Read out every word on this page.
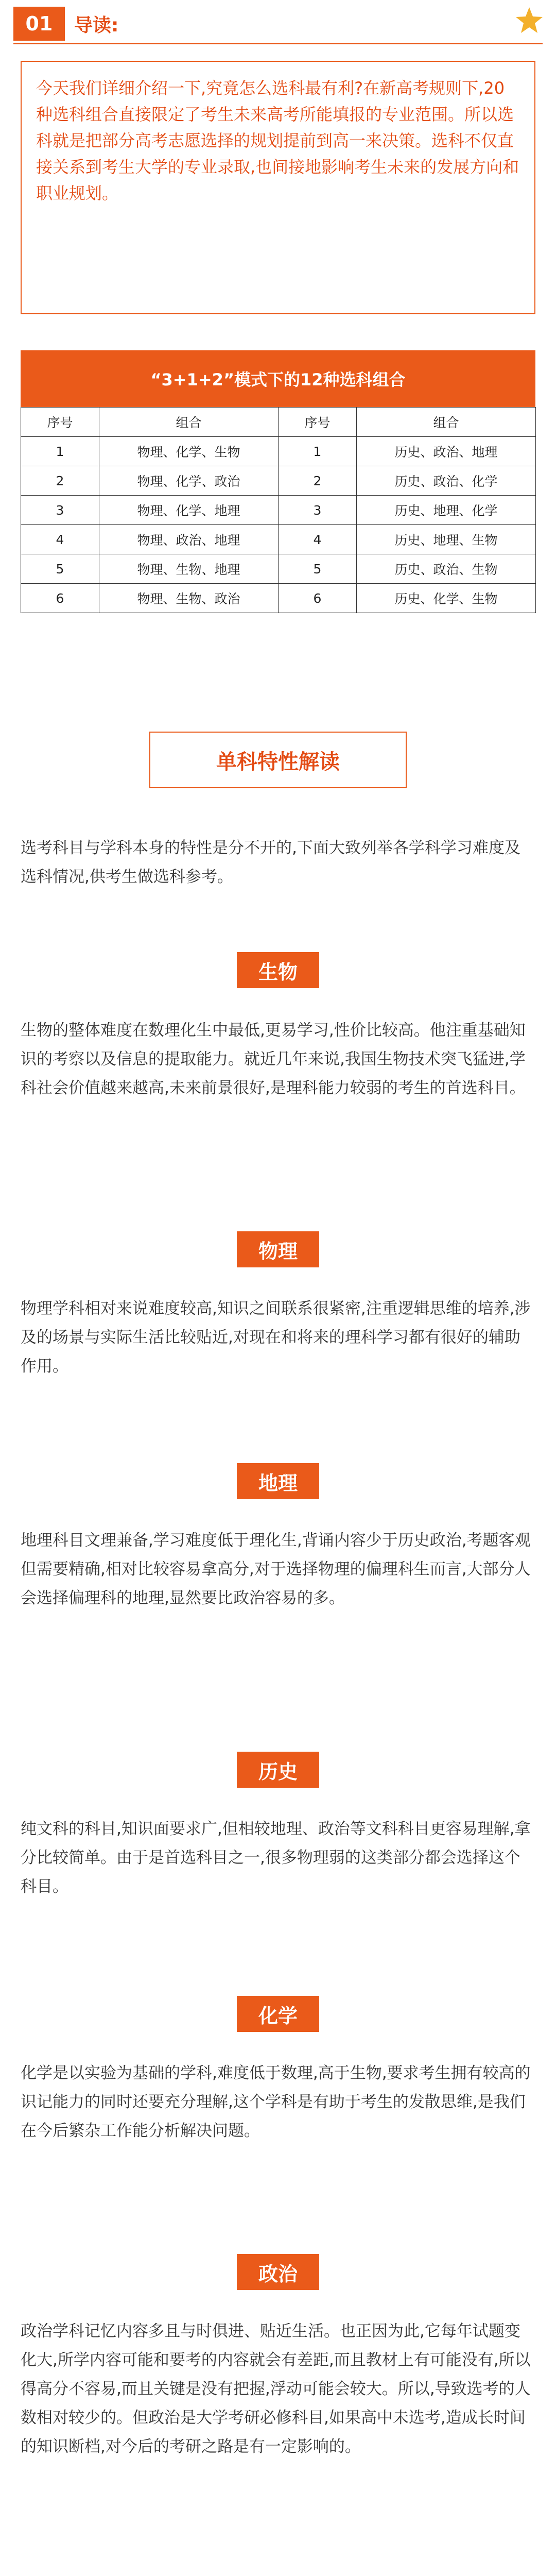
01	导读:
今天我们详细介绍一下,究竟怎么选科最有利?在新高考规则下,20种选科组合直接限定了考生未来高考所能填报的专业范围。所以选科就是把部分高考志愿选择的规划提前到高一来决策。选科不仅直接关系到考生大学的专业录取,也间接地影响考生未来的发展方向和职业规划。
“3+1+2”模式下的12种选科组合
序号	组合	序号	组合
1	物理、化学、生物	1	历史、政治、地理
2	物理、化学、政治	2	历史、政治、化学
3	物理、化学、地理	3	历史、地理、化学
4	物理、政治、地理	4	历史、地理、生物
5	物理、生物、地理	5	历史、政治、生物
6	物理、生物、政治	6	历史、化学、生物
单科特性解读

选考科目与学科本身的特性是分不开的,下面大致列举各学科学习难度及选科情况,供考生做选科参考。

生物

生物的整体难度在数理化生中最低,更易学习,性价比较高。他注重基础知识的考察以及信息的提取能力。就近几年来说,我国生物技术突飞猛进,学科社会价值越来越高,未来前景很好,是理科能力较弱的考生的首选科目。

物理

物理学科相对来说难度较高,知识之间联系很紧密,注重逻辑思维的培养,涉及的场景与实际生活比较贴近,对现在和将来的理科学习都有很好的辅助作用。

地理

地理科目文理兼备,学习难度低于理化生,背诵内容少于历史政治,考题客观但需要精确,相对比较容易拿高分,对于选择物理的偏理科生而言,大部分人会选择偏理科的地理,显然要比政治容易的多。

历史

纯文科的科目,知识面要求广,但相较地理、政治等文科科目更容易理解,拿分比较简单。由于是首选科目之一,很多物理弱的这类部分都会选择这个科目。

化学

化学是以实验为基础的学科,难度低于数理,高于生物,要求考生拥有较高的识记能力的同时还要充分理解,这个学科是有助于考生的发散思维,是我们在今后繁杂工作能分析解决问题。

政治

政治学科记忆内容多且与时俱进、贴近生活。也正因为此,它每年试题变化大,所学内容可能和要考的内容就会有差距,而且教材上有可能没有,所以得高分不容易,而且关键是没有把握,浮动可能会较大。所以,导致选考的人数相对较少的。但政治是大学考研必修科目,如果高中未选考,造成长时间的知识断档,对今后的考研之路是有一定影响的。
